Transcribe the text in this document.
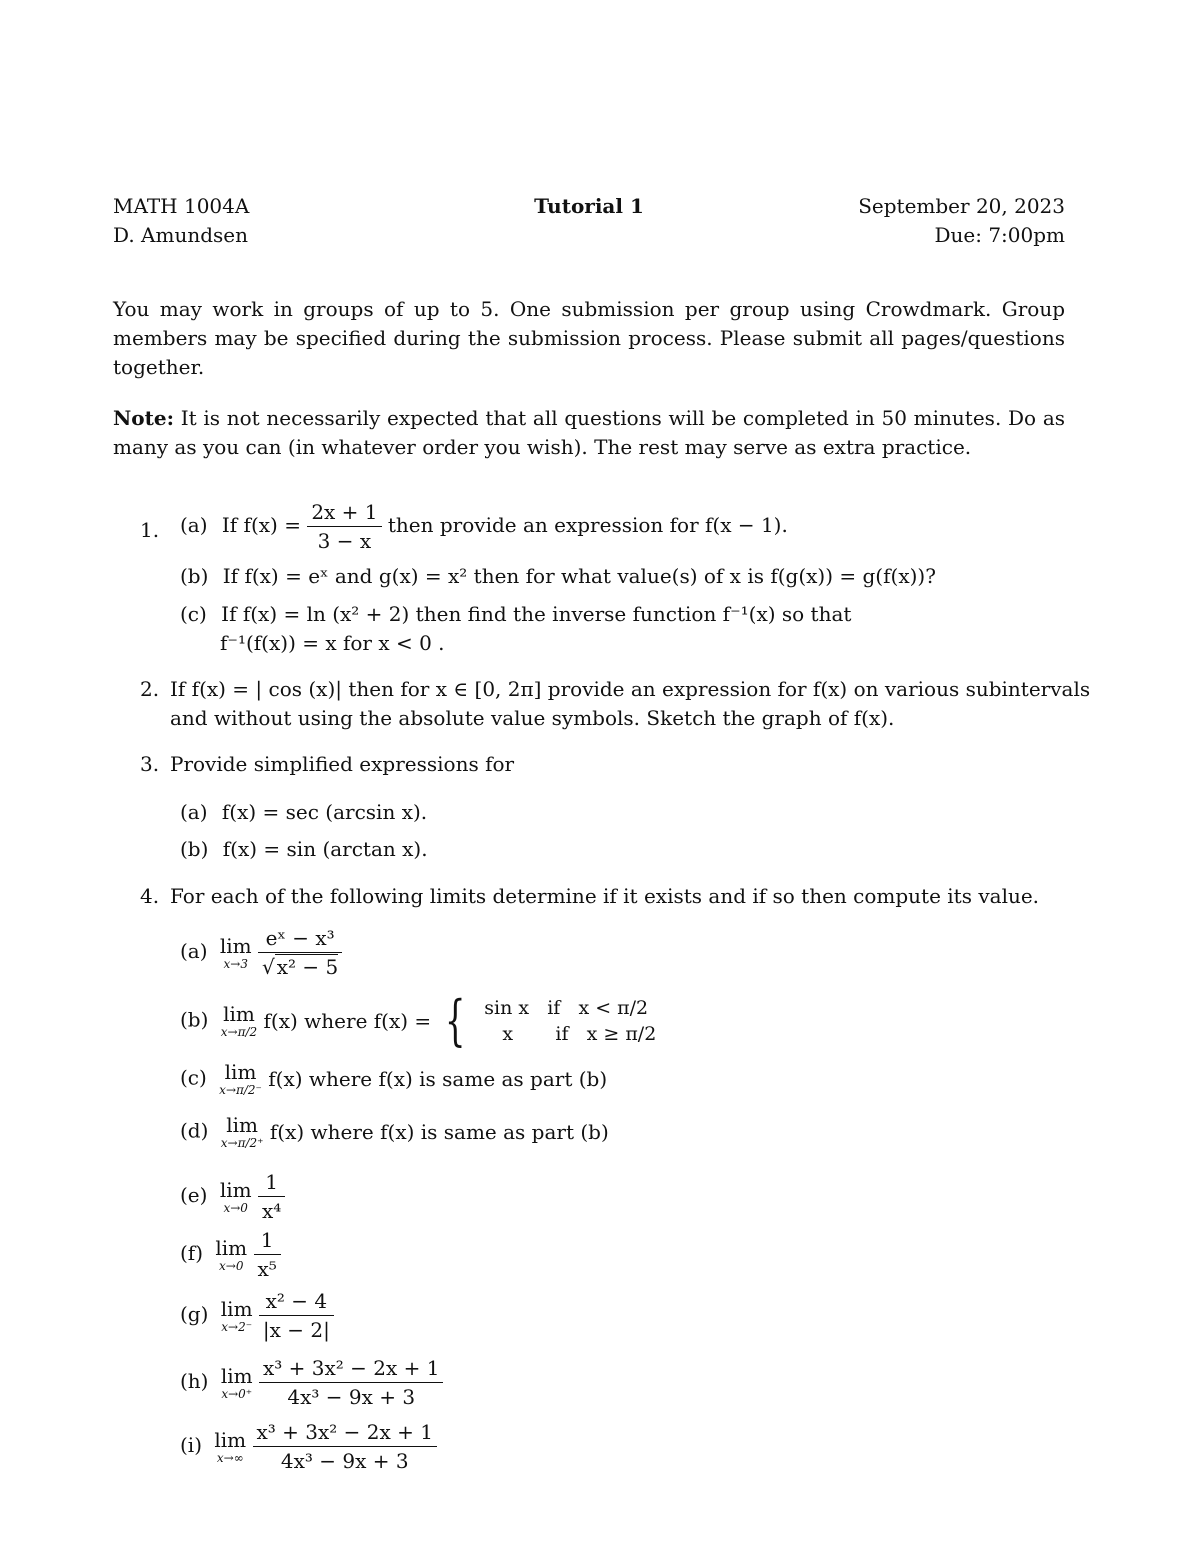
MATH 1004A	Tutorial 1	September 20, 2023
D. Amundsen	Due: 7:00pm
You may work in groups of up to 5. One submission per group using Crowdmark. Group members may be specified during the submission process. Please submit all pages/questions together.
Note: It is not necessarily expected that all questions will be completed in 50 minutes. Do as many as you can (in whatever order you wish). The rest may serve as extra practice.
1. (a) If $f(x) = \frac{2x + 1}{3 - x}$ then provide an expression for f(x − 1).
(b) If f(x) = eˣ and g(x) = x² then for what value(s) of x is f(g(x)) = g(f(x))?
(c) If f(x) = ln (x² + 2) then find the inverse function f⁻¹(x) so that
f⁻¹(f(x)) = x for x < 0 .
2. If f(x) = | cos (x)| then for x ∈ [0, 2π] provide an expression for f(x) on various subintervals
and without using the absolute value symbols. Sketch the graph of f(x).
3. Provide simplified expressions for
(a) f(x) = sec (arcsin x).
(b) f(x) = sin (arctan x).
4. For each of the following limits determine if it exists and if so then compute its value.
(a) lim
x→3
$\frac{\text{eˣ − x³}}{\text{√ x² − 5}}$
(b) lim
x→π/2 f(x) where f(x) = { sin x if x < π/2
x if x ≥ π/2
(c) lim
x→π/2⁻ f(x) where f(x) is same as part (b)
(d) lim
x→π/2⁺ f(x) where f(x) is same as part (b)
(e) lim
x→0
$\frac{1}{\text{x⁴}}$
(f) lim
x→0
$\frac{1}{\text{x⁵}}$
(g) lim
x→2⁻
$\frac{\text{x² − 4}}{|x - 2|}$
(h) lim
x→0⁺
$\frac{\text{x³ + 3x² − 2x + 1}}{\text{4x³ − 9x + 3}}$
(i) lim
x→∞
$\frac{\text{x³ + 3x² − 2x + 1}}{\text{4x³ − 9x + 3}}$
